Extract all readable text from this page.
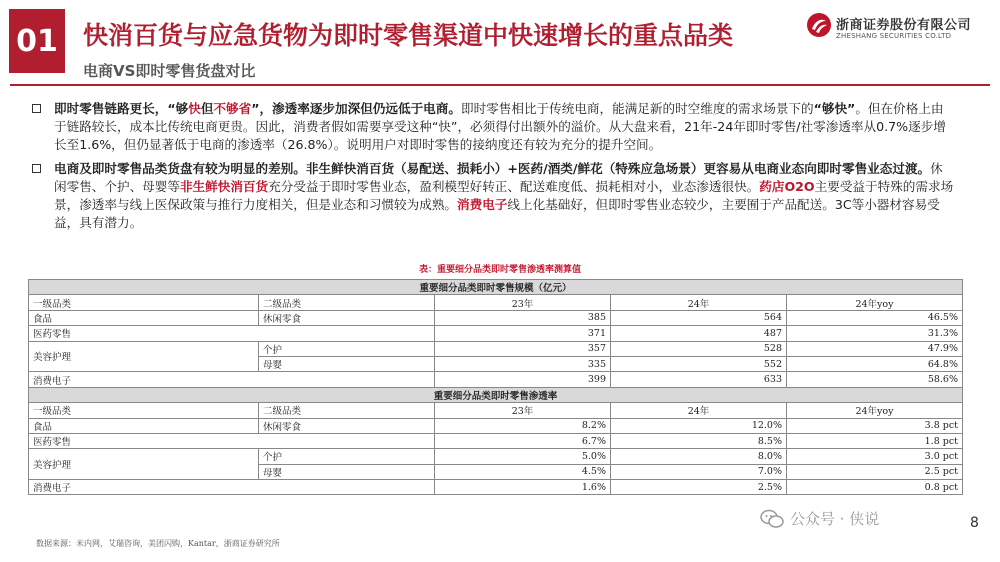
01 快消百货与应急货物为即时零售渠道中快速增长的重点品类
电商VS即时零售货盘对比
浙商证券股份有限公司
ZHESHANG SECURITIES CO.LTD
即时零售链路更长，“够快但不够省”，渗透率逐步加深但仍远低于电商。即时零售相比于传统电商，能满足新的时空维度的需求场景下的“够快”。但在价格上由于链路较长，成本比传统电商更贵。因此，消费者假如需要享受这种“快”，必须得付出额外的溢价。从大盘来看，21年-24年即时零售/社零渗透率从0.7%逐步增长至1.6%，但仍显著低于电商的渗透率（26.8%）。说明用户对即时零售的接纳度还有较为充分的提升空间。
电商及即时零售品类货盘有较为明显的差别。非生鲜快消百货（易配送、损耗小）+医药/酒类/鲜花（特殊应急场景）更容易从电商业态向即时零售业态过渡。休闲零售、个护、母婴等非生鲜快消百货充分受益于即时零售业态，盈利模型好转正、配送难度低、损耗相对小，业态渗透很快。药店O2O主要受益于特殊的需求场景，渗透率与线上医保政策与推行力度相关，但是业态和习惯较为成熟。消费电子线上化基础好，但即时零售业态较少，主要囿于产品配送。3C等小器材容易受益，具有潜力。
表：重要细分品类即时零售渗透率测算值
重要细分品类即时零售规模（亿元）				
一级品类	二级品类	23年	24年	24年yoy
食品	休闲零食	385	564	46.5%
医药零售		371	487	31.3%
美容护理	个护	357	528	47.9%
	母婴	335	552	64.8%
消费电子		399	633	58.6%
重要细分品类即时零售渗透率				
一级品类	二级品类	23年	24年	24年yoy
食品	休闲零食	8.2%	12.0%	3.8 pct
医药零售		6.7%	8.5%	1.8 pct
美容护理	个护	5.0%	8.0%	3.0 pct
	母婴	4.5%	7.0%	2.5 pct
消费电子		1.6%	2.5%	0.8 pct
数据来源：米内网，艾瑞咨询，美团闪购，Kantar，浙商证券研究所
公众号 · 侠说	8
